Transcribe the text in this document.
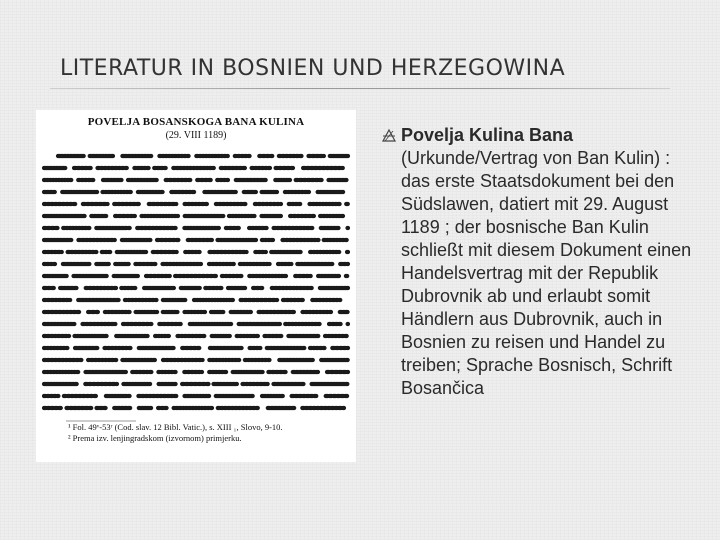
LITERATUR IN BOSNIEN UND HERZEGOWINA
POVELJA BOSANSKOGA BANA KULINA
(29. VIII 1189)
¹ Fol. 49ᵛ-53ʳ (Cod. slav. 12 Bibl. Vatic.), s. XIII ₁, Slovo, 9-10.
² Prema izv. lenjingradskom (izvornom) primjerku.
Povelja Kulina Bana
(Urkunde/Vertrag von Ban Kulin) : das erste Staatsdokument bei den Südslawen, datiert mit 29. August 1189 ; der bosnische Ban Kulin schließt mit diesem Dokument einen Handelsvertrag mit der Republik Dubrovnik ab und erlaubt somit Händlern aus Dubrovnik, auch in Bosnien zu reisen und Handel zu treiben; Sprache Bosnisch, Schrift Bosančica
